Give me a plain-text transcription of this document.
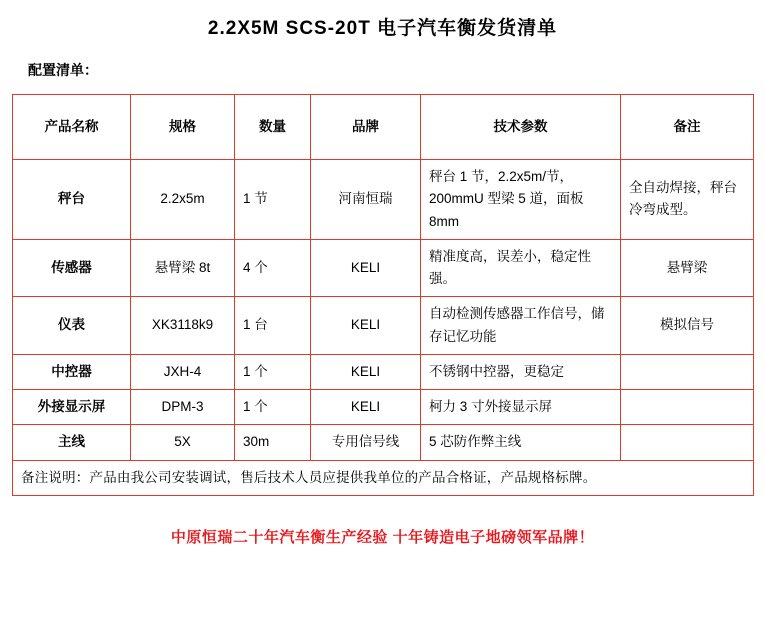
2.2X5M SCS-20T 电子汽车衡发货清单
配置清单：
产品名称	规格	数量	品牌	技术参数	备注
秤台	2.2x5m	1 节	河南恒瑞	秤台 1 节，2.2x5m/节，200mmU 型梁 5 道，面板 8mm	全自动焊接，秤台冷弯成型。
传感器	悬臂梁 8t	4 个	KELI	精准度高，误差小，稳定性强。	悬臂梁
仪表	XK3118k9	1 台	KELI	自动检测传感器工作信号，储存记忆功能	模拟信号
中控器	JXH-4	1 个	KELI	不锈钢中控器，更稳定	
外接显示屏	DPM-3	1 个	KELI	柯力 3 寸外接显示屏	
主线	5X	30m	专用信号线	5 芯防作弊主线	
备注说明：产品由我公司安装调试，售后技术人员应提供我单位的产品合格证，产品规格标牌。					
中原恒瑞二十年汽车衡生产经验 十年铸造电子地磅领军品牌！
